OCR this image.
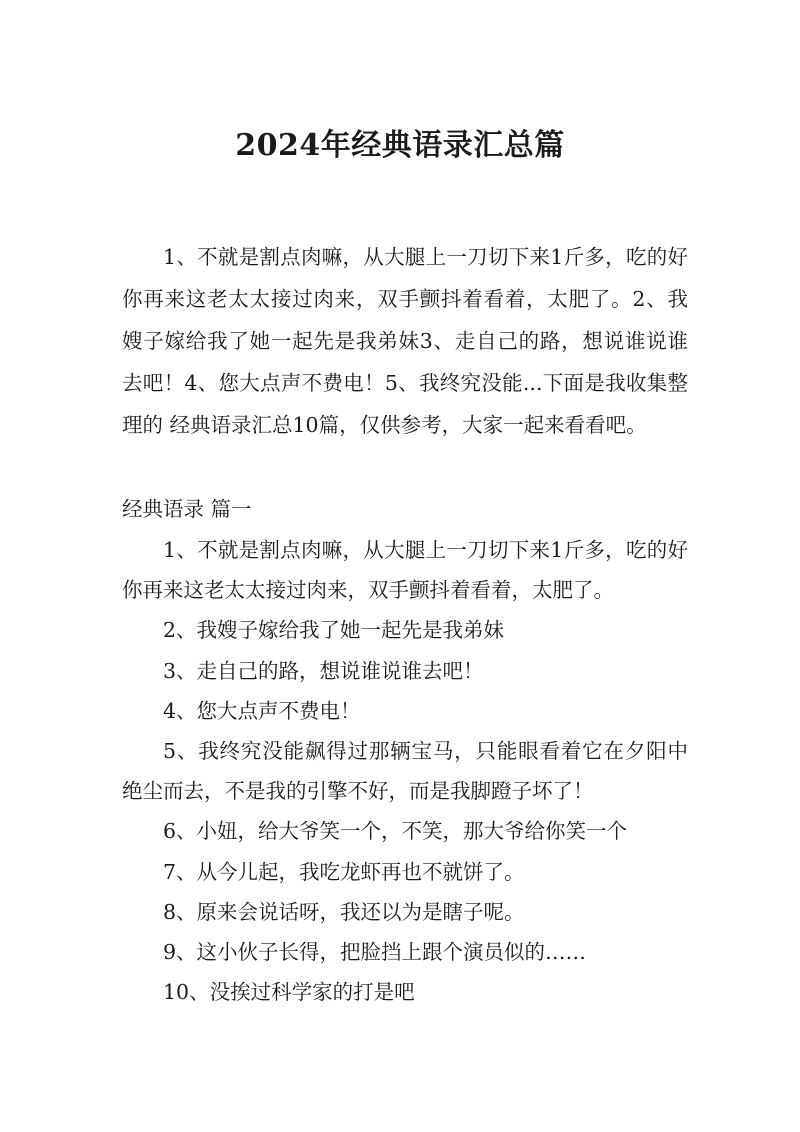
2024年经典语录汇总篇

1、不就是割点肉嘛，从大腿上一刀切下来1斤多，吃的好你再来这老太太接过肉来，双手颤抖着看着，太肥了。2、我嫂子嫁给我了她一起先是我弟妹3、走自己的路，想说谁说谁去吧！4、您大点声不费电！5、我终究没能...下面是我收集整理的 经典语录汇总10篇，仅供参考，大家一起来看看吧。

经典语录 篇一

1、不就是割点肉嘛，从大腿上一刀切下来1斤多，吃的好你再来这老太太接过肉来，双手颤抖着看着，太肥了。

2、我嫂子嫁给我了她一起先是我弟妹

3、走自己的路，想说谁说谁去吧！

4、您大点声不费电！

5、我终究没能飙得过那辆宝马，只能眼看着它在夕阳中绝尘而去，不是我的引擎不好，而是我脚蹬子坏了！

6、小妞，给大爷笑一个，不笑，那大爷给你笑一个

7、从今儿起，我吃龙虾再也不就饼了。

8、原来会说话呀，我还以为是瞎子呢。

9、这小伙子长得，把脸挡上跟个演员似的……

10、没挨过科学家的打是吧
